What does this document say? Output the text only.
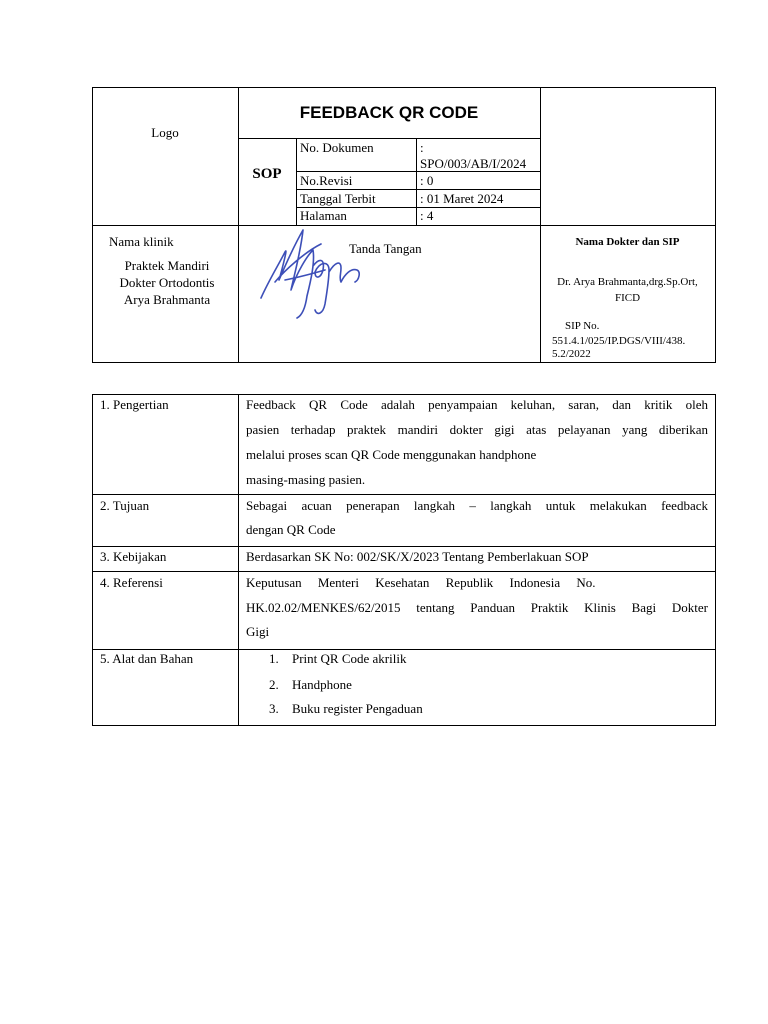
Logo
FEEDBACK QR CODE
SOP
No. Dokumen	:
SPO/003/AB/I/2024
No.Revisi	: 0
Tanggal Terbit	: 01 Maret 2024
Halaman	: 4
Nama klinik
Praktek Mandiri
Dokter Ortodontis
Arya Brahmanta
Tanda Tangan	Nama Dokter dan SIP
Dr. Arya Brahmanta,drg.Sp.Ort,
FICD
SIP No.
551.4.1/025/IP.DGS/VIII/438.
5.2/2022
1. Pengertian	Feedback QR Code adalah penyampaian keluhan, saran, dan kritik oleh
pasien terhadap praktek mandiri dokter gigi atas pelayanan yang diberikan
melalui proses scan QR Code menggunakan handphone
masing-masing pasien.
2. Tujuan	Sebagai acuan penerapan langkah – langkah untuk melakukan feedback
dengan QR Code
3. Kebijakan	Berdasarkan SK No: 002/SK/X/2023 Tentang Pemberlakuan SOP
4. Referensi	Keputusan     Menteri     Kesehatan     Republik     Indonesia     No.
HK.02.02/MENKES/62/2015 tentang Panduan Praktik Klinis Bagi Dokter
Gigi
5. Alat dan Bahan	1. Print QR Code akrilik
2. Handphone
3. Buku register Pengaduan
